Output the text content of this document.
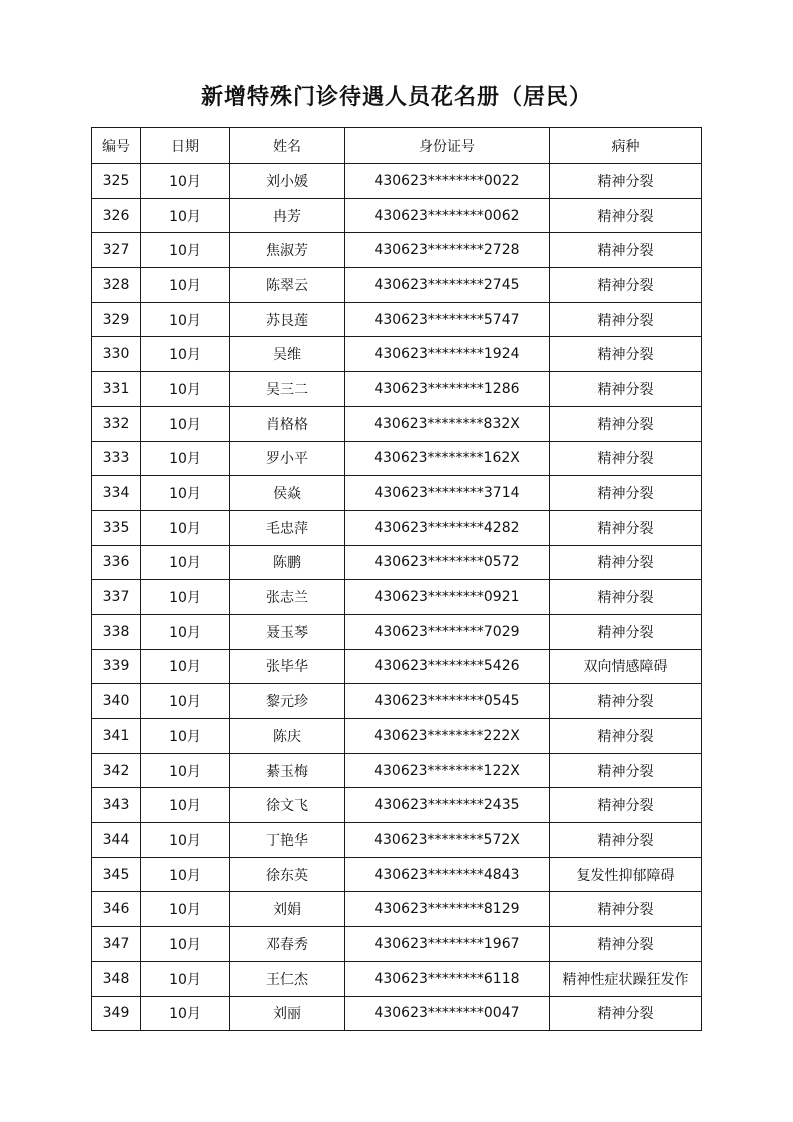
新增特殊门诊待遇人员花名册（居民）
编号	日期	姓名	身份证号	病种
325	10月	刘小媛	430623********0022	精神分裂
326	10月	冉芳	430623********0062	精神分裂
327	10月	焦淑芳	430623********2728	精神分裂
328	10月	陈翠云	430623********2745	精神分裂
329	10月	苏艮莲	430623********5747	精神分裂
330	10月	吴维	430623********1924	精神分裂
331	10月	吴三二	430623********1286	精神分裂
332	10月	肖格格	430623********832X	精神分裂
333	10月	罗小平	430623********162X	精神分裂
334	10月	侯焱	430623********3714	精神分裂
335	10月	毛忠萍	430623********4282	精神分裂
336	10月	陈鹏	430623********0572	精神分裂
337	10月	张志兰	430623********0921	精神分裂
338	10月	聂玉琴	430623********7029	精神分裂
339	10月	张毕华	430623********5426	双向情感障碍
340	10月	黎元珍	430623********0545	精神分裂
341	10月	陈庆	430623********222X	精神分裂
342	10月	綦玉梅	430623********122X	精神分裂
343	10月	徐文飞	430623********2435	精神分裂
344	10月	丁艳华	430623********572X	精神分裂
345	10月	徐东英	430623********4843	复发性抑郁障碍
346	10月	刘娟	430623********8129	精神分裂
347	10月	邓春秀	430623********1967	精神分裂
348	10月	王仁杰	430623********6118	精神性症状躁狂发作
349	10月	刘丽	430623********0047	精神分裂
